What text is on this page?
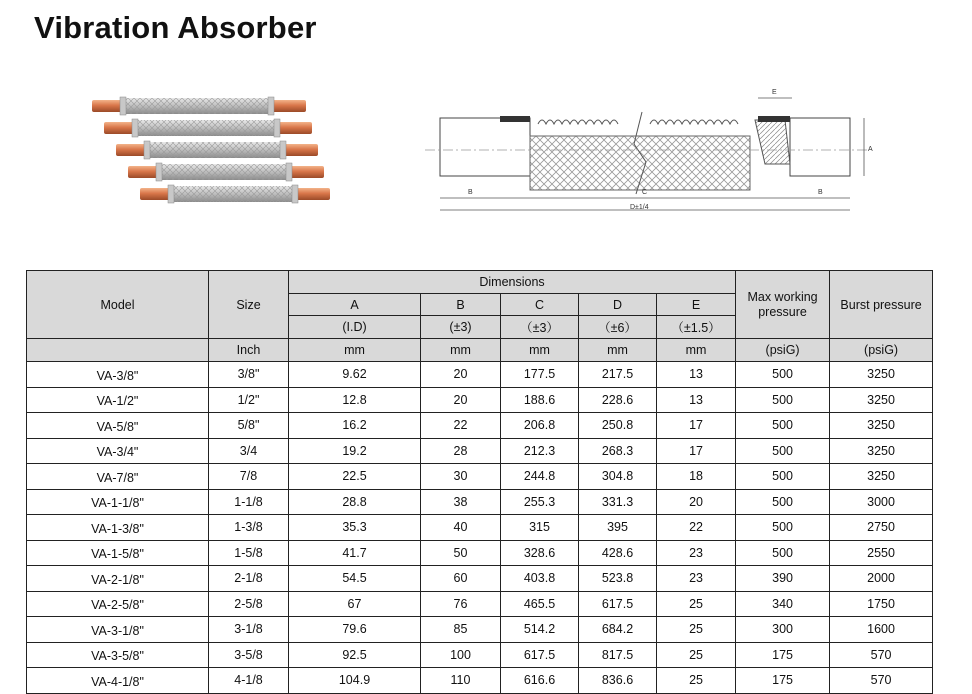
Vibration Absorber
B	C	B
D±1/4
A
E
Model	Size	Dimensions					Max working pressure	Burst pressure
		A	B	C	D	E		
		(I.D)	(±3)	（±3）	（±6）	（±1.5）		
	Inch	mm	mm	mm	mm	mm	(psiG)	(psiG)
VA-3/8"	3/8"	9.62	20	177.5	217.5	13	500	3250
VA-1/2"	1/2"	12.8	20	188.6	228.6	13	500	3250
VA-5/8"	5/8"	16.2	22	206.8	250.8	17	500	3250
VA-3/4"	3/4	19.2	28	212.3	268.3	17	500	3250
VA-7/8"	7/8	22.5	30	244.8	304.8	18	500	3250
VA-1-1/8"	1-1/8	28.8	38	255.3	331.3	20	500	3000
VA-1-3/8"	1-3/8	35.3	40	315	395	22	500	2750
VA-1-5/8"	1-5/8	41.7	50	328.6	428.6	23	500	2550
VA-2-1/8"	2-1/8	54.5	60	403.8	523.8	23	390	2000
VA-2-5/8"	2-5/8	67	76	465.5	617.5	25	340	1750
VA-3-1/8"	3-1/8	79.6	85	514.2	684.2	25	300	1600
VA-3-5/8"	3-5/8	92.5	100	617.5	817.5	25	175	570
VA-4-1/8"	4-1/8	104.9	110	616.6	836.6	25	175	570
